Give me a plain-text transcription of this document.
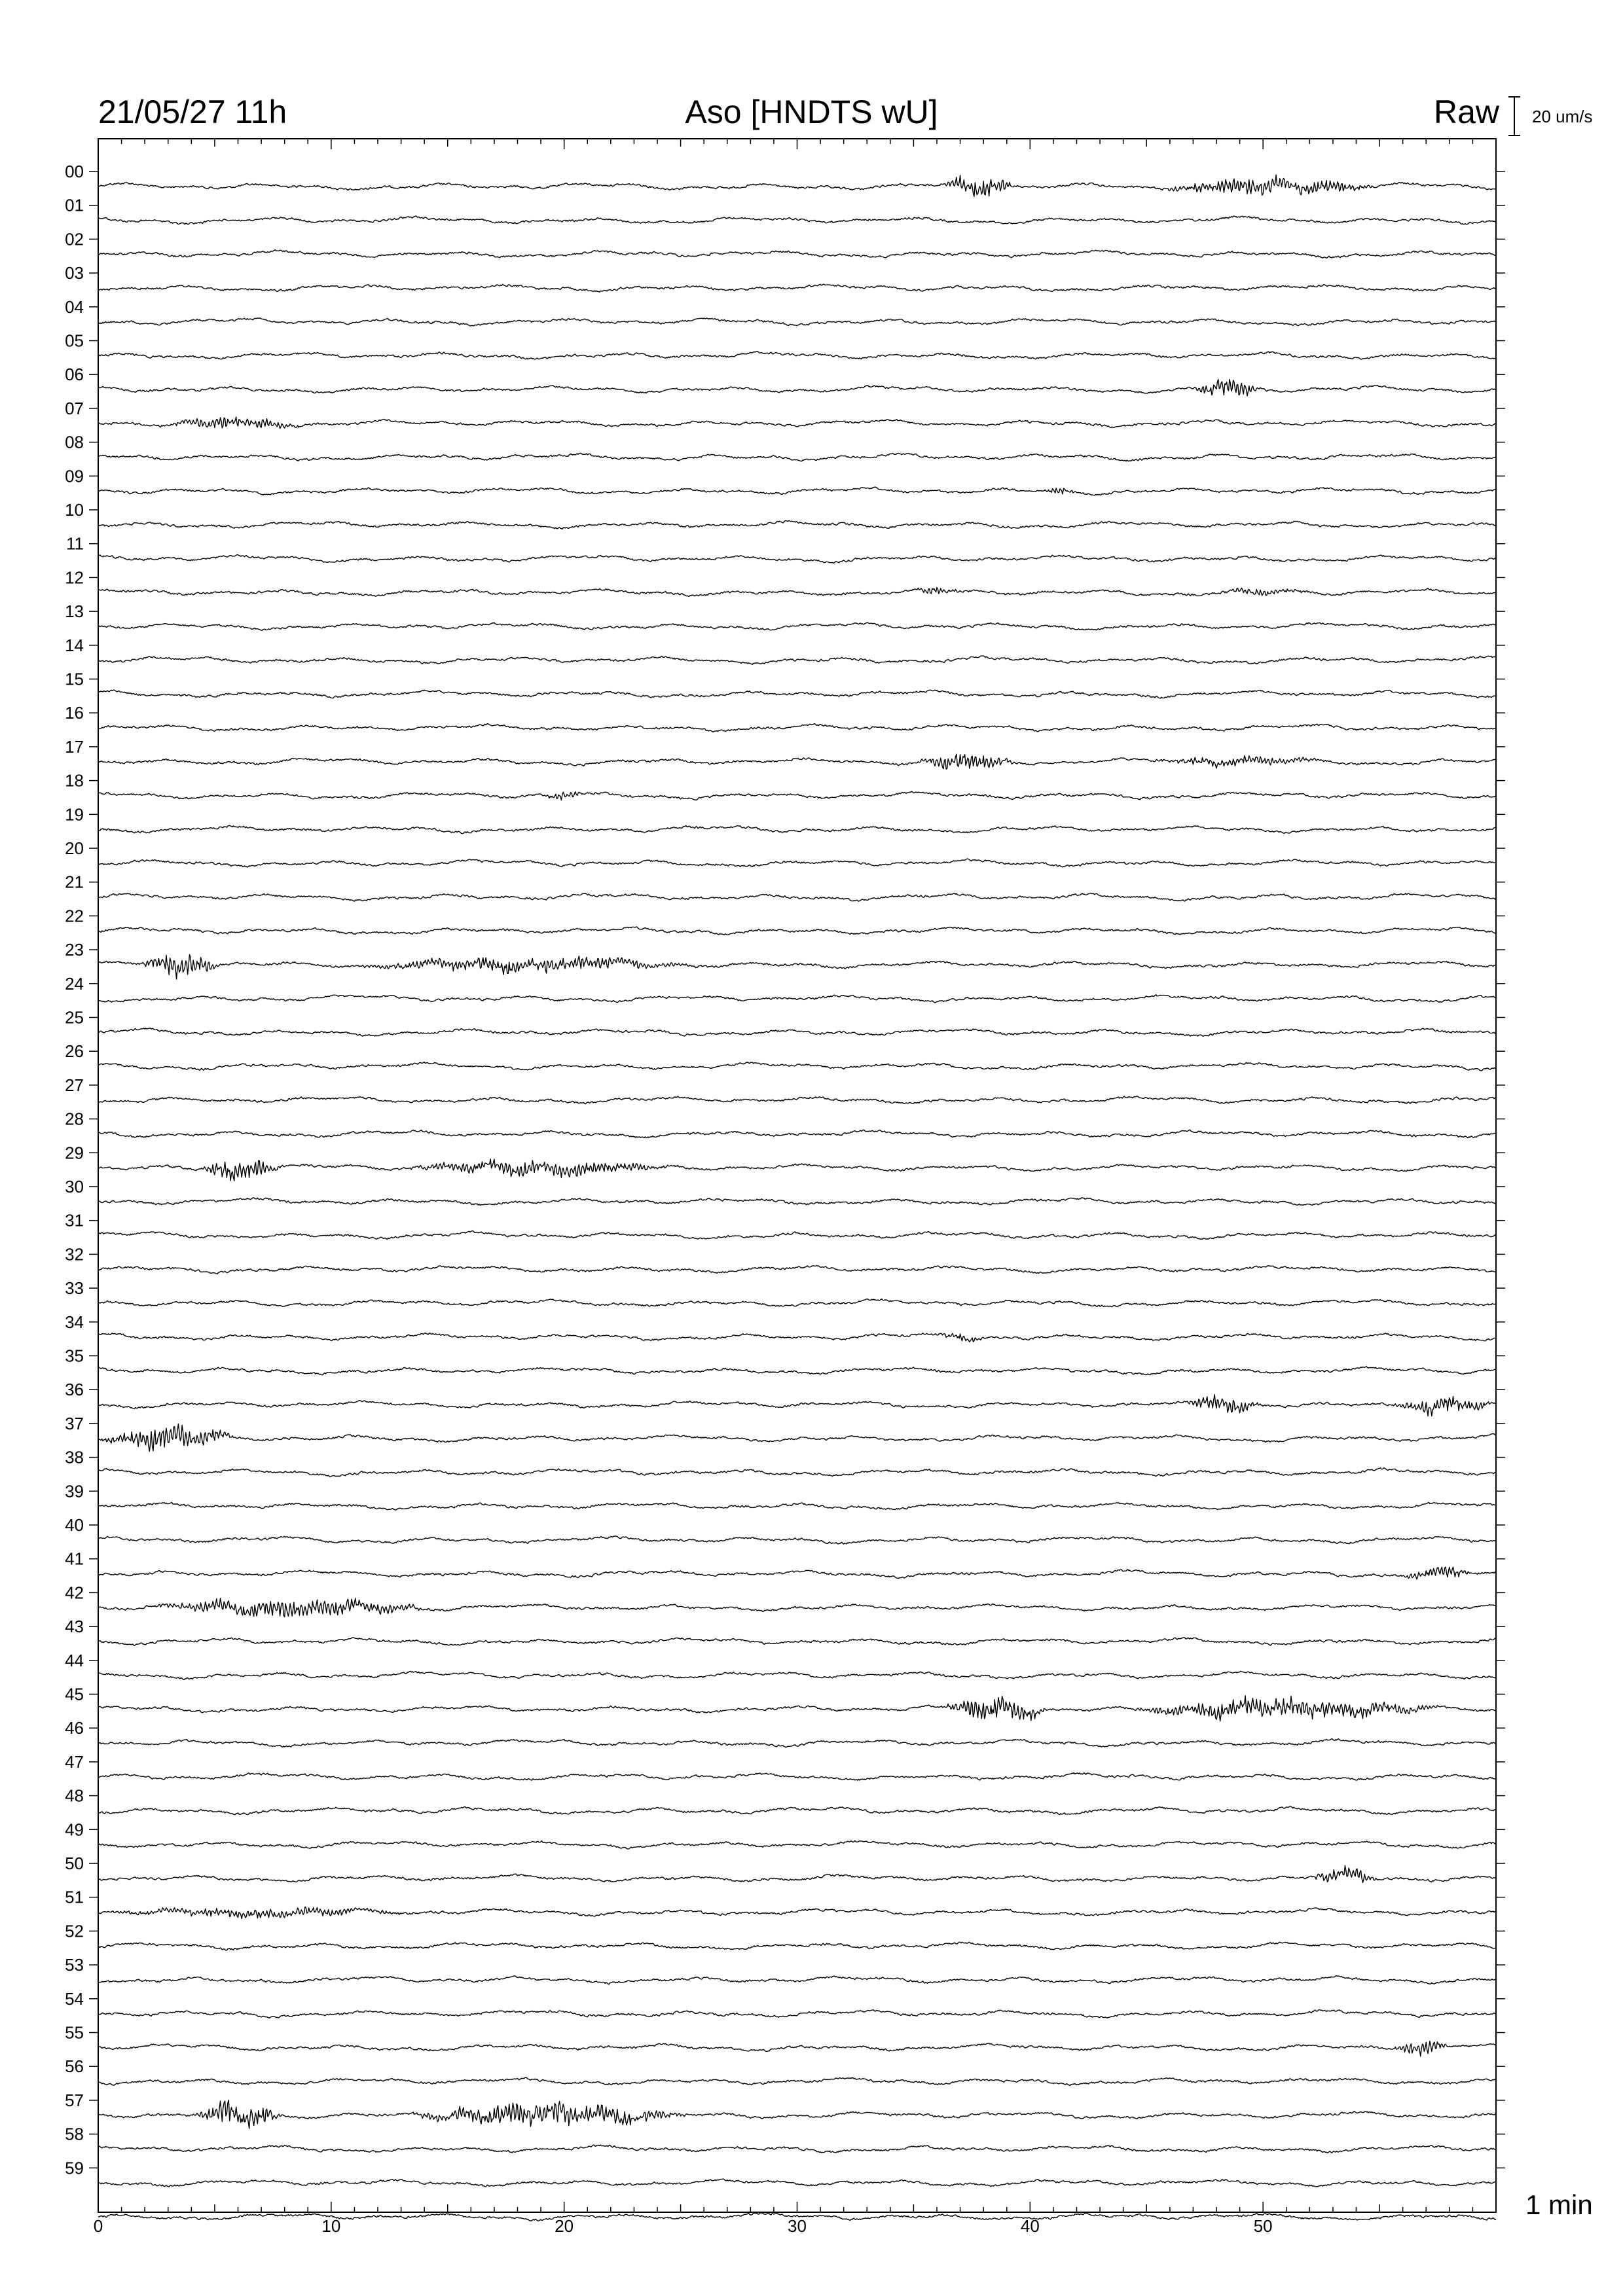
21/05/27 11h	Aso [HNDTS wU]	Raw 20 um/s
1 min
00
01
02
03
04
05
06
07
08
09
10
11
12
13
14
15
16
17
18
19
20
21
22
23
24
25
26
27
28
29
30
31
32
33
34
35
36
37
38
39
40
41
42
43
44
45
46
47
48
49
50
51
52
53
54
55
56
57
58
59
0	10	20	30	40	50
